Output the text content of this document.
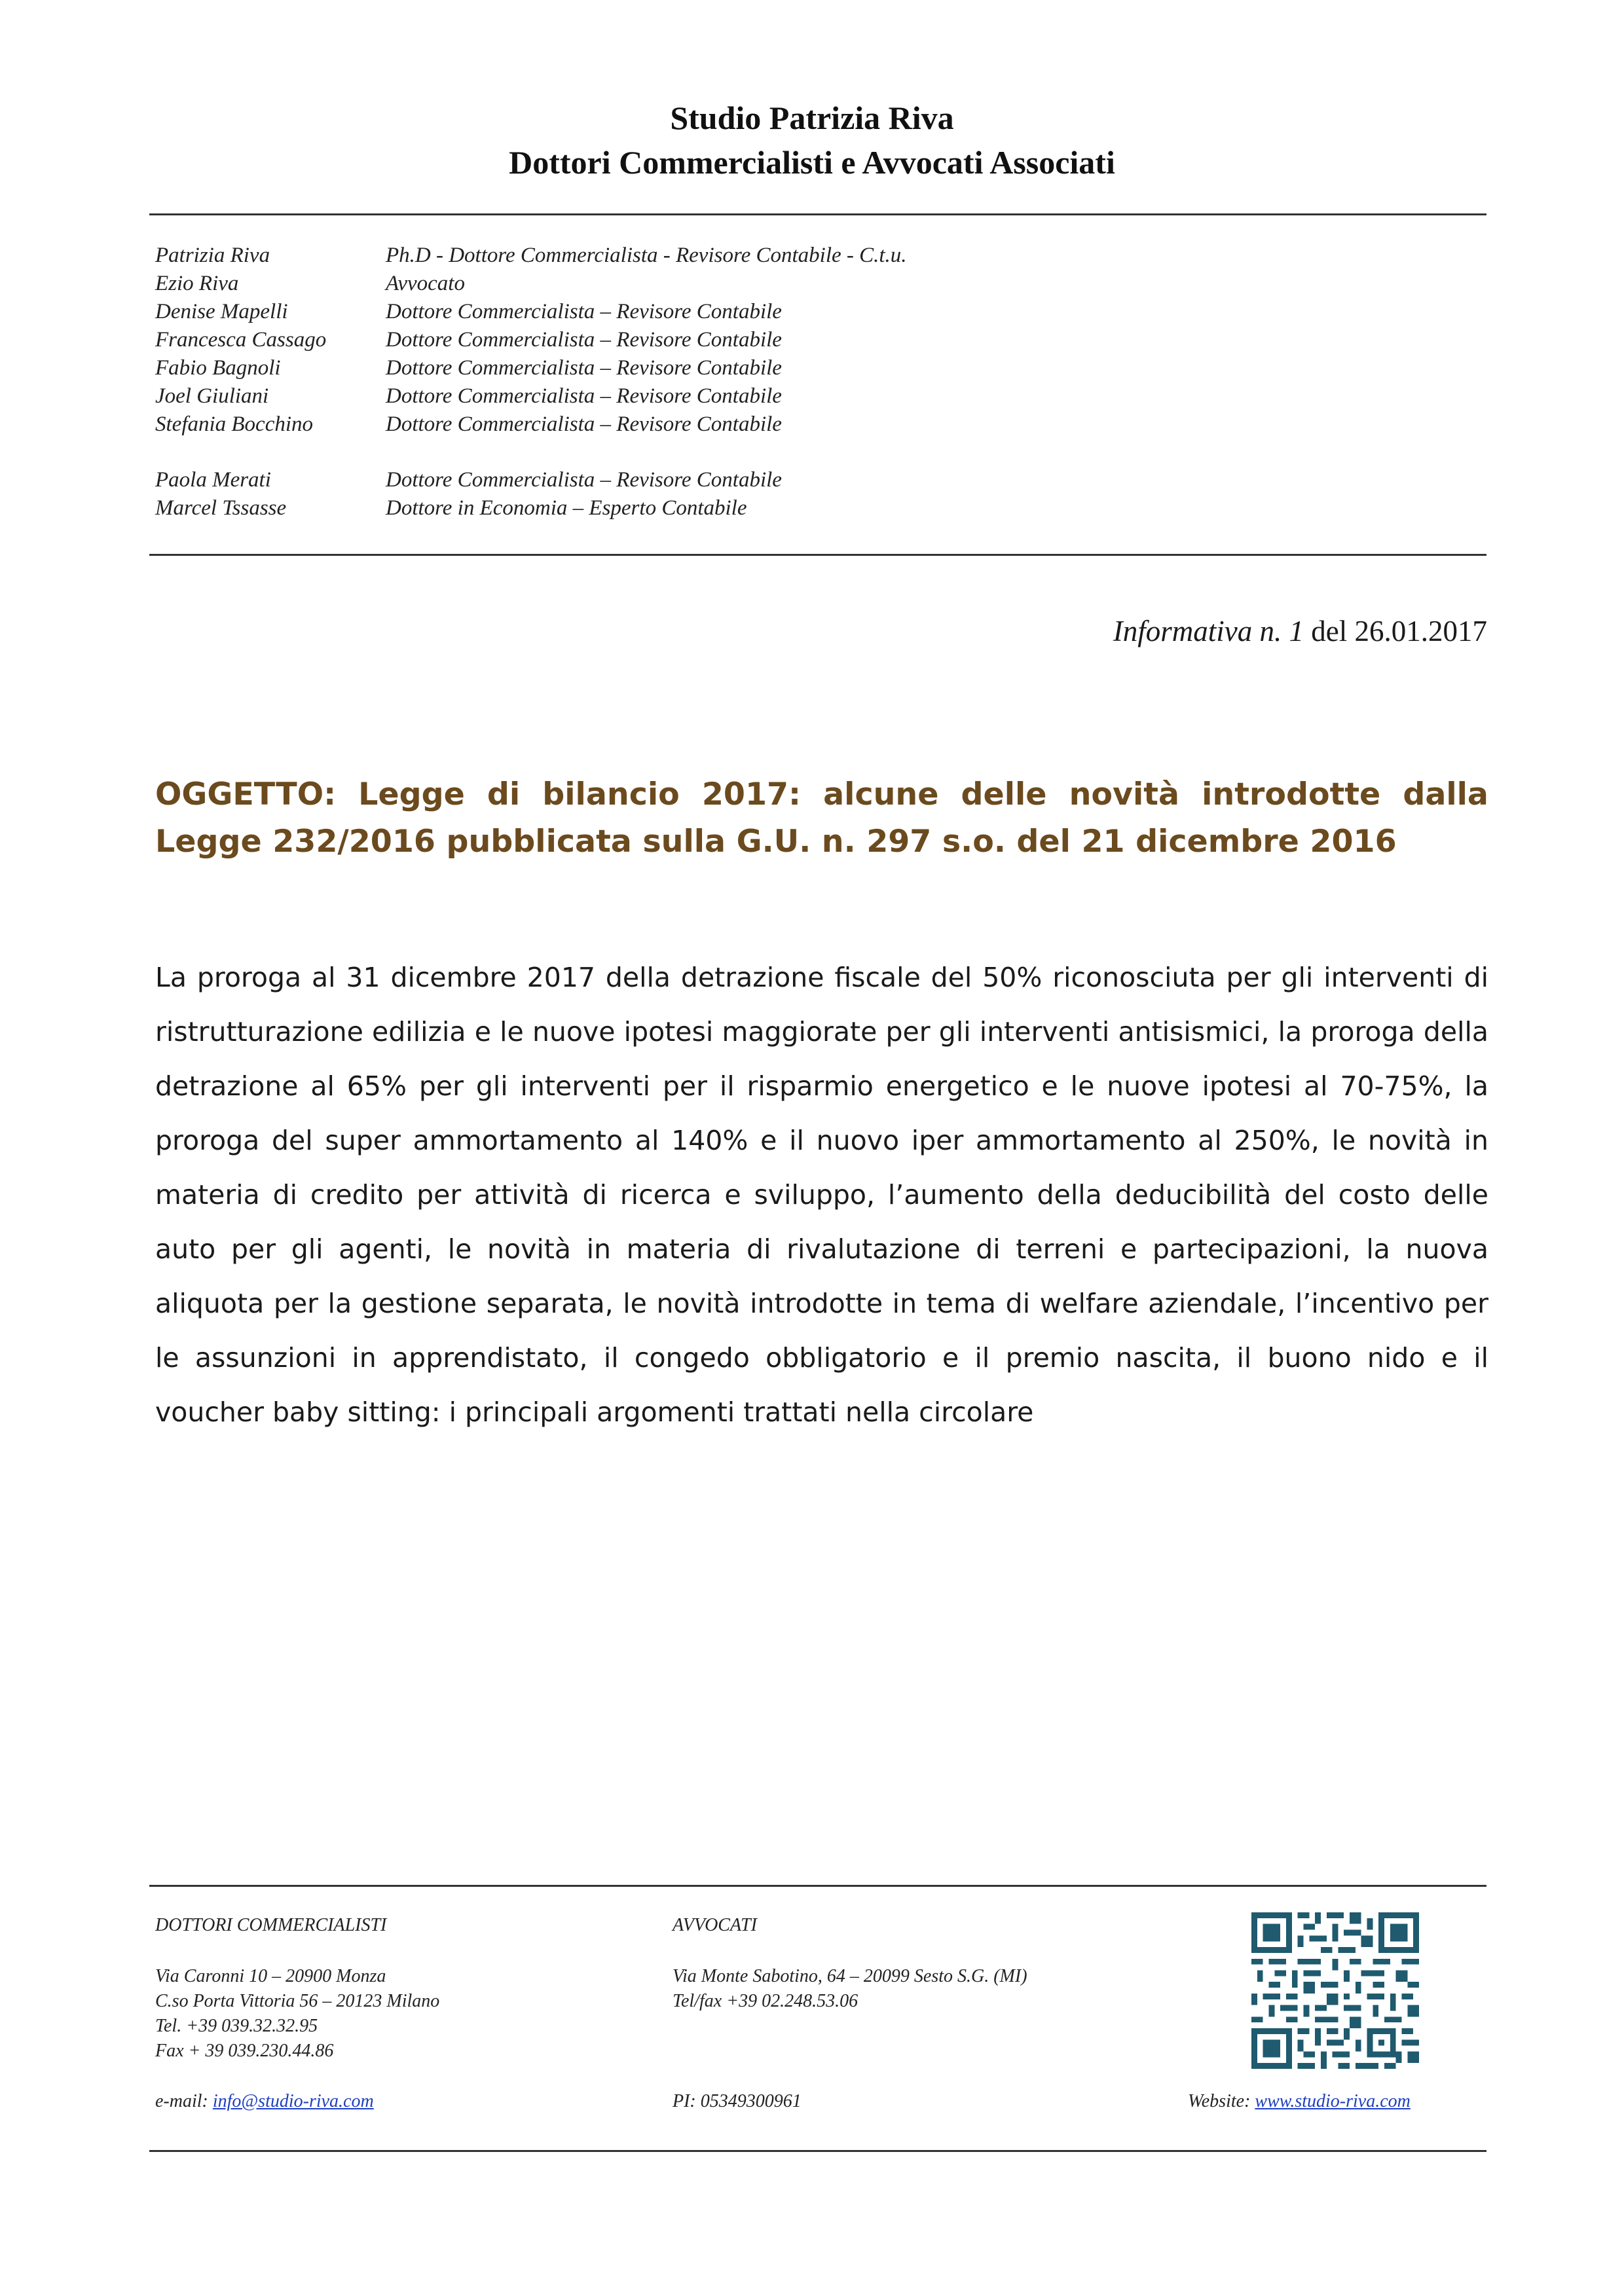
Studio Patrizia Riva
Dottori Commercialisti e Avvocati Associati
Patrizia Riva	Ph.D - Dottore Commercialista - Revisore Contabile - C.t.u.
Ezio Riva	Avvocato
Denise Mapelli	Dottore Commercialista – Revisore Contabile
Francesca Cassago	Dottore Commercialista – Revisore Contabile
Fabio Bagnoli	Dottore Commercialista – Revisore Contabile
Joel Giuliani	Dottore Commercialista – Revisore Contabile
Stefania Bocchino	Dottore Commercialista – Revisore Contabile
Paola Merati	Dottore Commercialista – Revisore Contabile
Marcel Tssasse	Dottore in Economia – Esperto Contabile
Informativa n. 1 del 26.01.2017
OGGETTO: Legge di bilancio 2017: alcune delle novità introdotte dalla Legge 232/2016 pubblicata sulla G.U. n. 297 s.o. del 21 dicembre 2016
La proroga al 31 dicembre 2017 della detrazione fiscale del 50% riconosciuta per gli interventi di ristrutturazione edilizia e le nuove ipotesi maggiorate per gli interventi antisismici, la proroga della detrazione al 65% per gli interventi per il risparmio energetico e le nuove ipotesi al 70-75%, la proroga del super ammortamento al 140% e il nuovo iper ammortamento al 250%, le novità in materia di credito per attività di ricerca e sviluppo, l’aumento della deducibilità del costo delle auto per gli agenti, le novità in materia di rivalutazione di terreni e partecipazioni, la nuova aliquota per la gestione separata, le novità introdotte in tema di welfare aziendale, l’incentivo per le assunzioni in apprendistato, il congedo obbligatorio e il premio nascita, il buono nido e il voucher baby sitting: i principali argomenti trattati nella circolare
DOTTORI COMMERCIALISTI
Via Caronni 10 – 20900 Monza
C.so Porta Vittoria 56 – 20123 Milano
Tel. +39 039.32.32.95
Fax + 39 039.230.44.86
e-mail: info@studio-riva.com
AVVOCATI
Via Monte Sabotino, 64 – 20099 Sesto S.G. (MI)
Tel/fax +39 02.248.53.06
PI: 05349300961	Website: www.studio-riva.com
